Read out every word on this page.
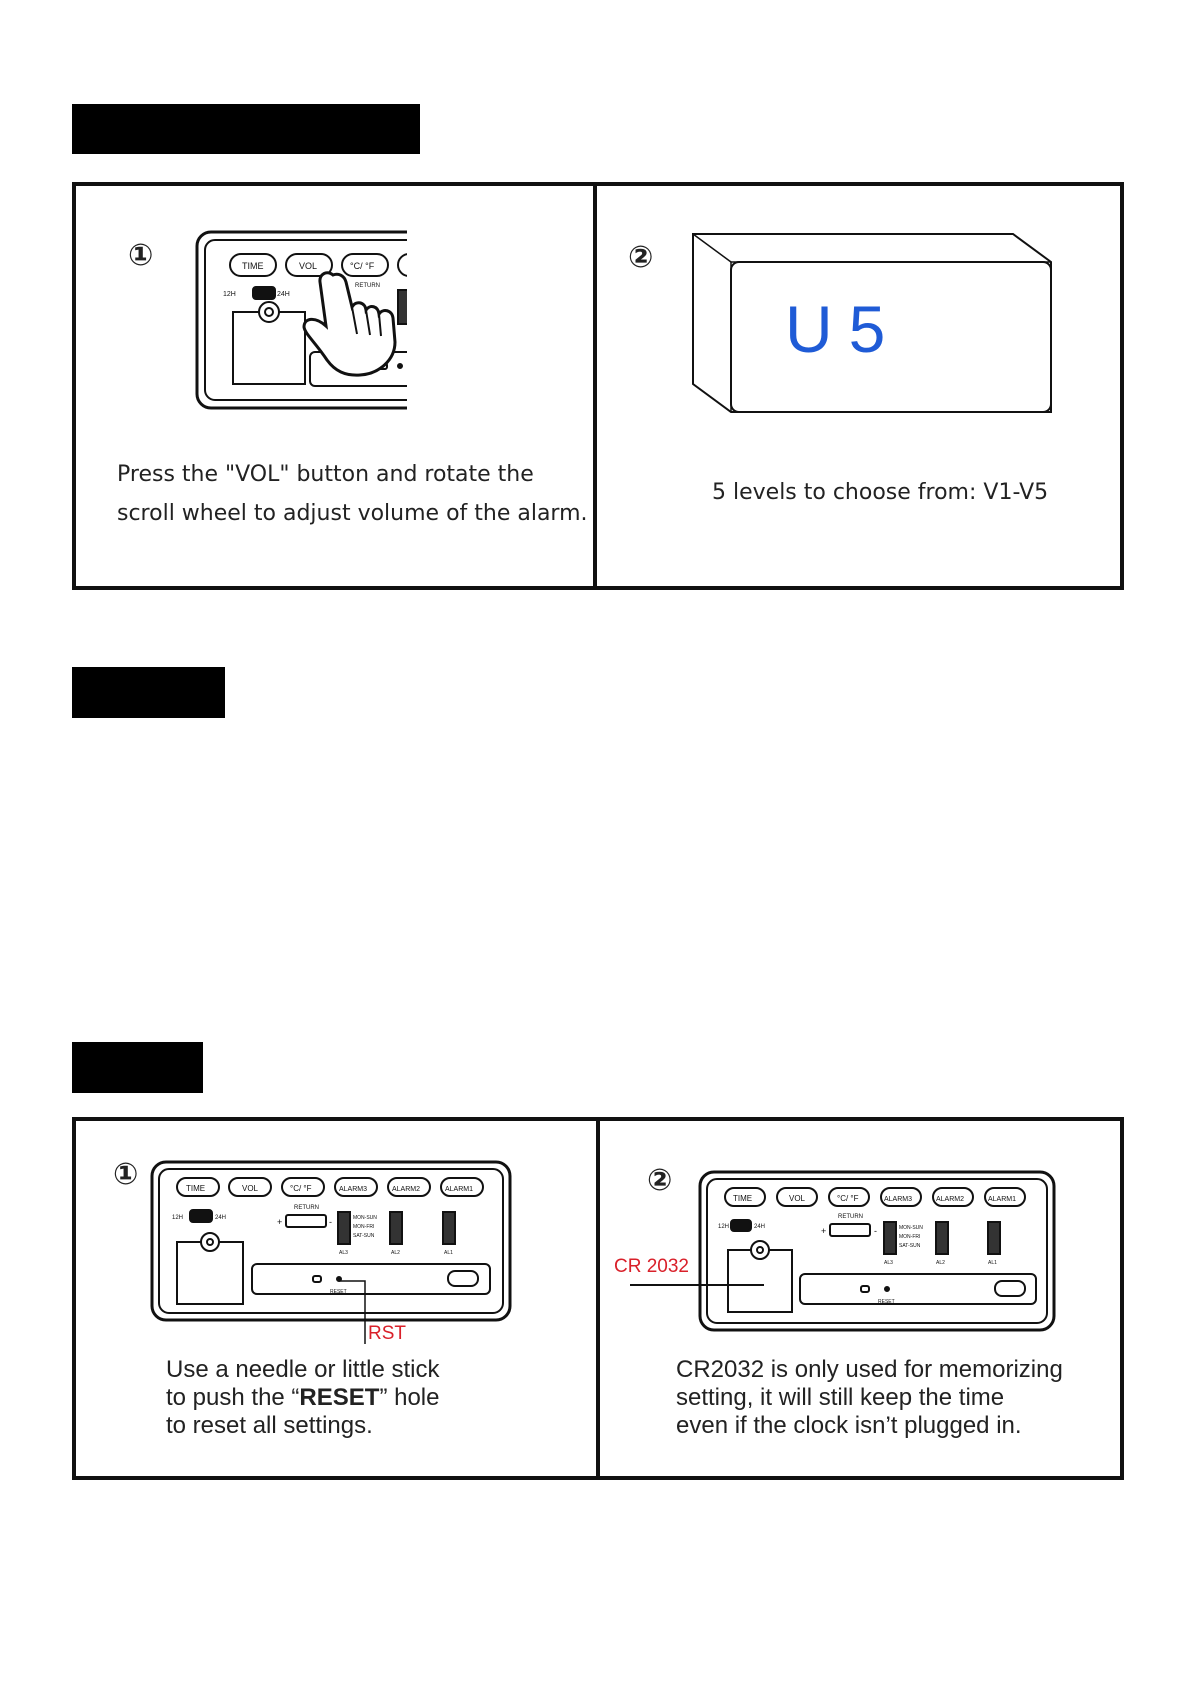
①	TIME	VOL	°C/ °F
12H	24H
RETURN
Press the "VOL" button and rotate the
scroll wheel to adjust volume of the alarm.
②
U5
5 levels to choose from: V1-V5
①	②
TIME	VOL	°C/ °F	ALARM3	ALARM2	ALARM1
12H	24H
RETURN
+	-	MON-SUN
MON-FRI
SAT-SUN
AL3	AL2	AL1
RESET
RST
Use a needle or little stick
to push the “RESET” hole
to reset all settings.
TIME	VOL	°C/ °F	ALARM3	ALARM2	ALARM1
12H	24H
RETURN
+	-	MON-SUN
MON-FRI
SAT-SUN
AL3	AL2	AL1
RESET
CR 2032
CR2032 is only used for memorizing
setting, it will still keep the time
even if the clock isn’t plugged in.
